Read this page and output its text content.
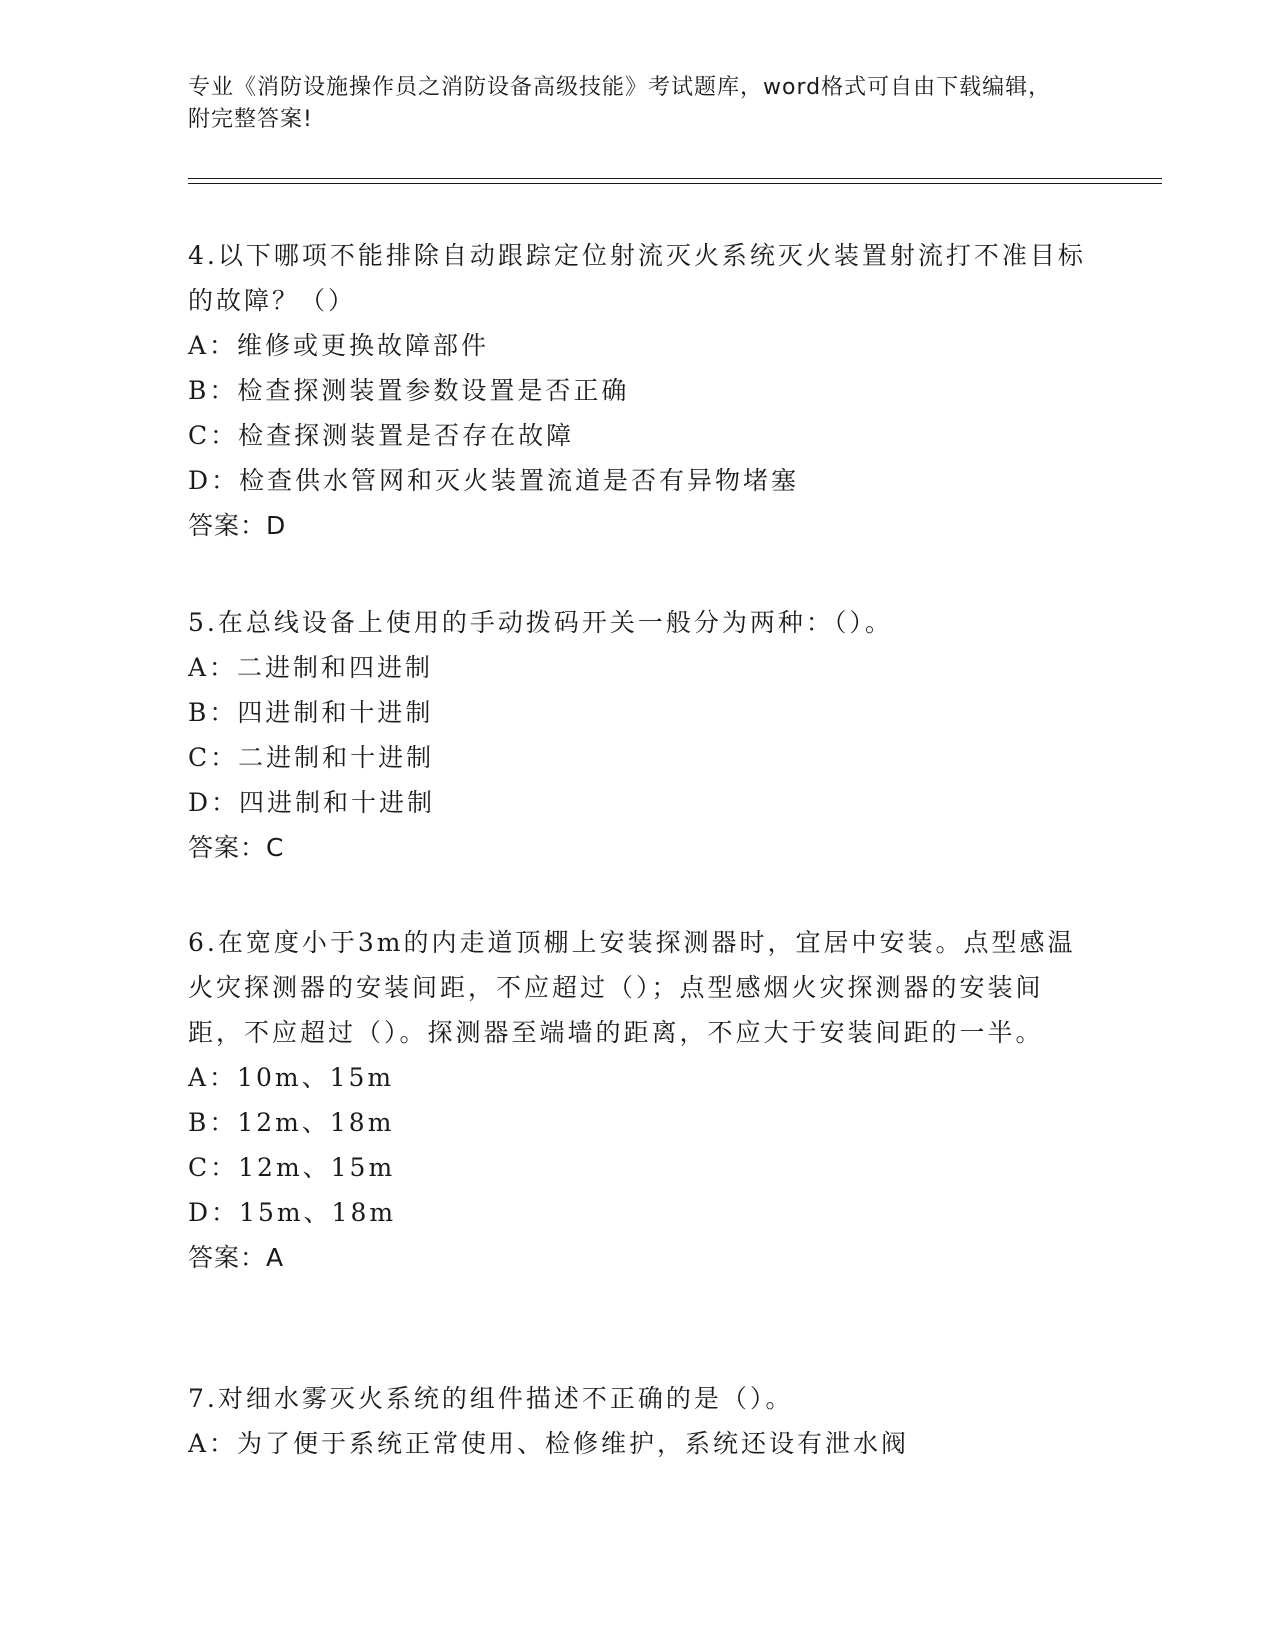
专业《消防设施操作员之消防设备高级技能》考试题库，word格式可自由下载编辑，附完整答案!

4.以下哪项不能排除自动跟踪定位射流灭火系统灭火装置射流打不准目标的故障？（）

A：维修或更换故障部件

B：检查探测装置参数设置是否正确

C：检查探测装置是否存在故障

D：检查供水管网和灭火装置流道是否有异物堵塞

答案：D

5.在总线设备上使用的手动拨码开关一般分为两种：（）。

A：二进制和四进制

B：四进制和十进制

C：二进制和十进制

D：四进制和十进制

答案：C

6.在宽度小于3m的内走道顶棚上安装探测器时，宜居中安装。点型感温火灾探测器的安装间距，不应超过（）；点型感烟火灾探测器的安装间距，不应超过（）。探测器至端墙的距离，不应大于安装间距的一半。

A：10m、15m

B：12m、18m

C：12m、15m

D：15m、18m

答案：A

7.对细水雾灭火系统的组件描述不正确的是（）。

A：为了便于系统正常使用、检修维护，系统还设有泄水阀
